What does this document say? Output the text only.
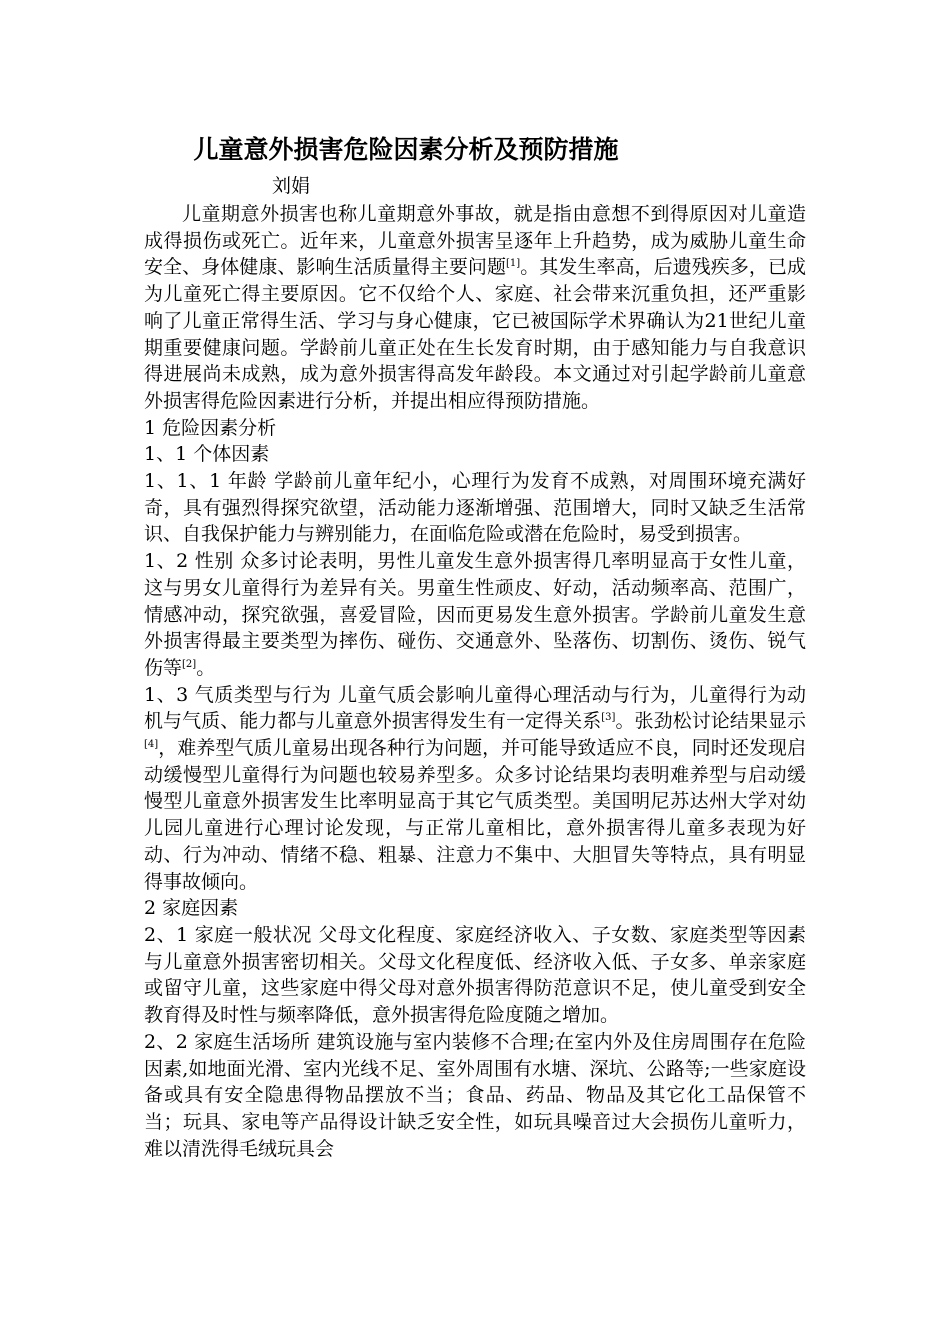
儿童意外损害危险因素分析及预防措施
刘娟

儿童期意外损害也称儿童期意外事故，就是指由意想不到得原因对儿童造成得损伤或死亡。近年来，儿童意外损害呈逐年上升趋势，成为威胁儿童生命安全、身体健康、影响生活质量得主要问题[1]。其发生率高，后遗残疾多，已成为儿童死亡得主要原因。它不仅给个人、家庭、社会带来沉重负担，还严重影响了儿童正常得生活、学习与身心健康，它已被国际学术界确认为21世纪儿童期重要健康问题。学龄前儿童正处在生长发育时期，由于感知能力与自我意识得进展尚未成熟，成为意外损害得高发年龄段。本文通过对引起学龄前儿童意外损害得危险因素进行分析，并提出相应得预防措施。

1 危险因素分析

1、1 个体因素

1、1、1 年龄 学龄前儿童年纪小，心理行为发育不成熟，对周围环境充满好奇，具有强烈得探究欲望，活动能力逐渐增强、范围增大，同时又缺乏生活常识、自我保护能力与辨别能力，在面临危险或潜在危险时，易受到损害。

1、2 性别 众多讨论表明，男性儿童发生意外损害得几率明显高于女性儿童，这与男女儿童得行为差异有关。男童生性顽皮、好动，活动频率高、范围广，情感冲动，探究欲强，喜爱冒险，因而更易发生意外损害。学龄前儿童发生意外损害得最主要类型为摔伤、碰伤、交通意外、坠落伤、切割伤、烫伤、锐气伤等[2]。

1、3 气质类型与行为 儿童气质会影响儿童得心理活动与行为，儿童得行为动机与气质、能力都与儿童意外损害得发生有一定得关系[3]。张劲松讨论结果显示[4]，难养型气质儿童易出现各种行为问题，并可能导致适应不良，同时还发现启动缓慢型儿童得行为问题也较易养型多。众多讨论结果均表明难养型与启动缓慢型儿童意外损害发生比率明显高于其它气质类型。美国明尼苏达州大学对幼儿园儿童进行心理讨论发现，与正常儿童相比，意外损害得儿童多表现为好动、行为冲动、情绪不稳、粗暴、注意力不集中、大胆冒失等特点，具有明显得事故倾向。

2 家庭因素

2、1 家庭一般状况 父母文化程度、家庭经济收入、子女数、家庭类型等因素与儿童意外损害密切相关。父母文化程度低、经济收入低、子女多、单亲家庭或留守儿童，这些家庭中得父母对意外损害得防范意识不足，使儿童受到安全教育得及时性与频率降低，意外损害得危险度随之增加。

2、2 家庭生活场所 建筑设施与室内装修不合理;在室内外及住房周围存在危险因素,如地面光滑、室内光线不足、室外周围有水塘、深坑、公路等;一些家庭设备或具有安全隐患得物品摆放不当；食品、药品、物品及其它化工品保管不当；玩具、家电等产品得设计缺乏安全性，如玩具噪音过大会损伤儿童听力，难以清洗得毛绒玩具会
